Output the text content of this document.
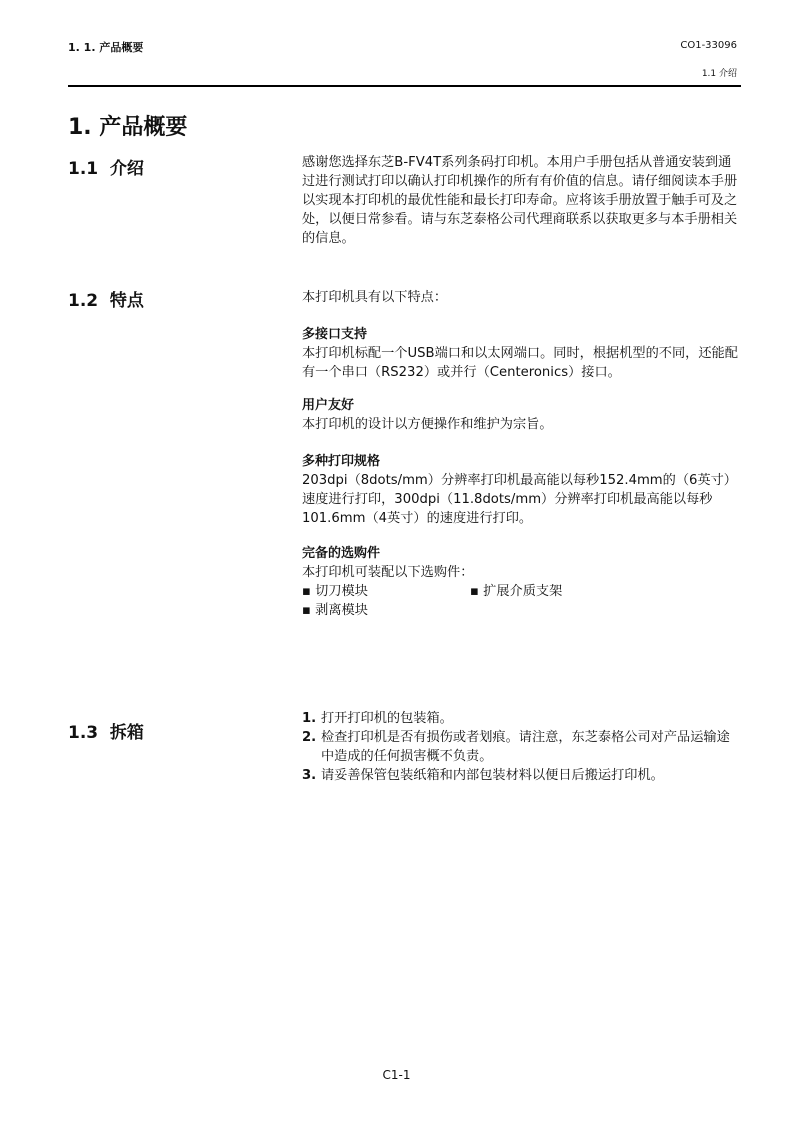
1. 1. 产品概要	CO1-33096
1.1 介绍
1. 产品概要
1.1 介绍	感谢您选择东芝B-FV4T系列条码打印机。本用户手册包括从普通安装到通过进行测试打印以确认打印机操作的所有有价值的信息。请仔细阅读本手册以实现本打印机的最优性能和最长打印寿命。应将该手册放置于触手可及之处，以便日常参看。请与东芝泰格公司代理商联系以获取更多与本手册相关的信息。

1.2 特点	本打印机具有以下特点：

多接口支持

本打印机标配一个USB端口和以太网端口。同时，根据机型的不同，还能配有一个串口（RS232）或并行（Centeronics）接口。

用户友好

本打印机的设计以方便操作和维护为宗旨。

多种打印规格

203dpi（8dots/mm）分辨率打印机最高能以每秒152.4mm的（6英寸）速度进行打印，300dpi（11.8dots/mm）分辨率打印机最高能以每秒101.6mm（4英寸）的速度进行打印。

完备的选购件

本打印机可装配以下选购件：

▪ 切刀模块	▪ 扩展介质支架
▪ 剥离模块
1.3 拆箱
1. 打开打印机的包装箱。
2. 检查打印机是否有损伤或者划痕。请注意，东芝泰格公司对产品运输途中造成的任何损害概不负责。
3. 请妥善保管包装纸箱和内部包装材料以便日后搬运打印机。
C1-1
